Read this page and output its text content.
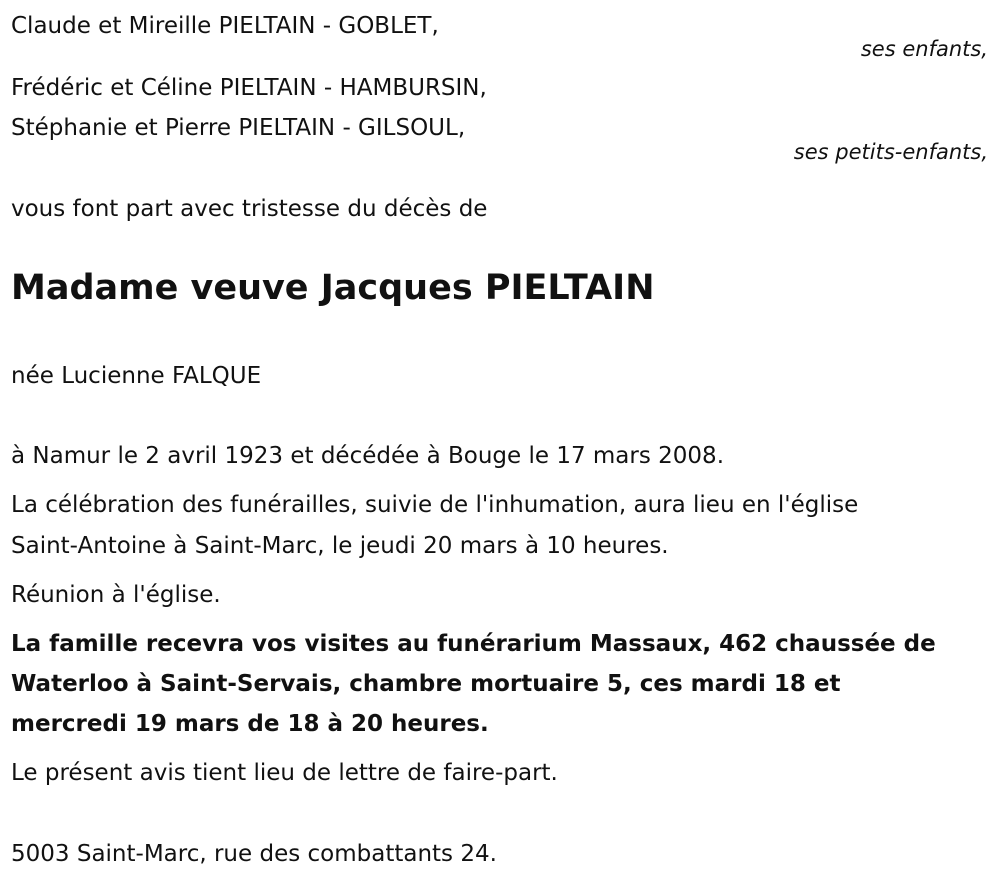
Claude et Mireille PIELTAIN - GOBLET,
ses enfants,
Frédéric et Céline PIELTAIN - HAMBURSIN,
Stéphanie et Pierre PIELTAIN - GILSOUL,
ses petits-enfants,
vous font part avec tristesse du décès de
Madame veuve Jacques PIELTAIN
née Lucienne FALQUE
à Namur le 2 avril 1923 et décédée à Bouge le 17 mars 2008.
La célébration des funérailles, suivie de l'inhumation, aura lieu en l'église
Saint-Antoine à Saint-Marc, le jeudi 20 mars à 10 heures.
Réunion à l'église.
La famille recevra vos visites au funérarium Massaux, 462 chaussée de
Waterloo à Saint-Servais, chambre mortuaire 5, ces mardi 18 et
mercredi 19 mars de 18 à 20 heures.
Le présent avis tient lieu de lettre de faire-part.
5003 Saint-Marc, rue des combattants 24.
